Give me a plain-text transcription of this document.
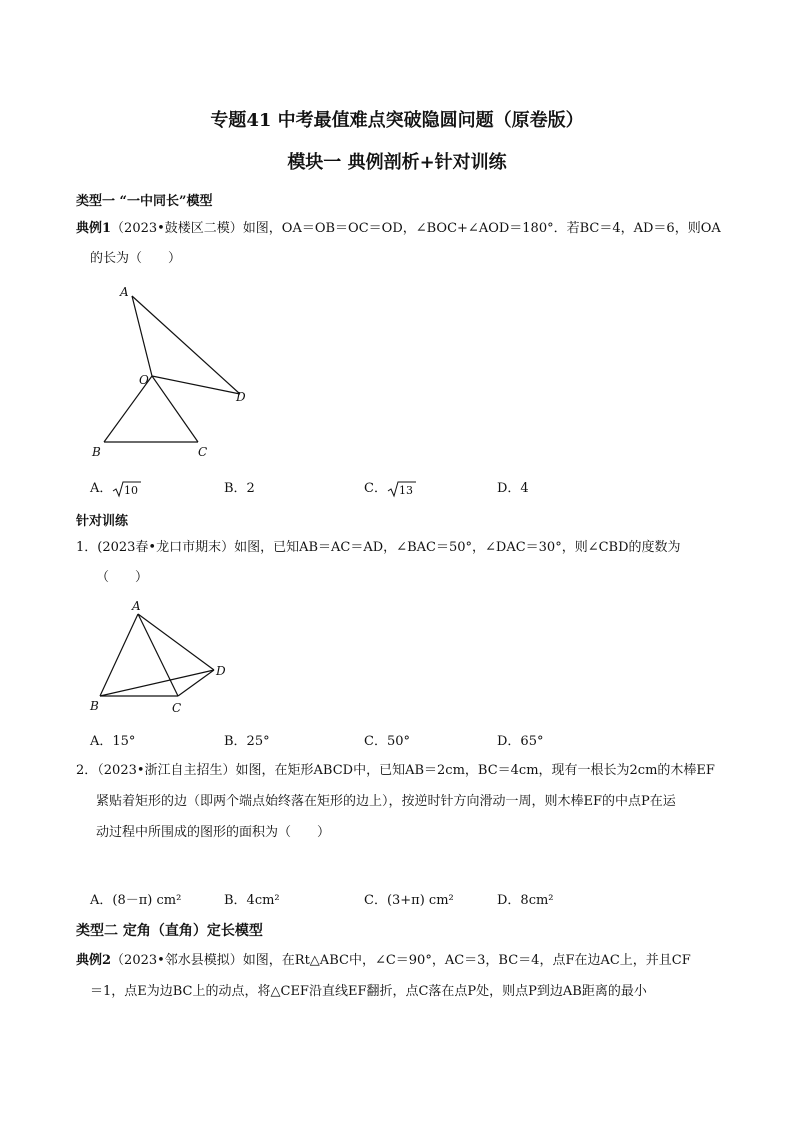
专题41 中考最值难点突破隐圆问题（原卷版）
模块一 典例剖析+针对训练
类型一 “一中同长”模型
典例1（2023•鼓楼区二模）如图，OA＝OB＝OC＝OD，∠BOC+∠AOD＝180°．若BC＝4，AD＝6，则OA
的长为（　　）
A
O
D
B	C
A． 10	B．2	C． 13	D．4
针对训练
1．(2023春•龙口市期末）如图，已知AB＝AC＝AD，∠BAC＝50°，∠DAC＝30°，则∠CBD的度数为
（　　）
A
D
B	C
A．15°	B．25°	C．50°	D．65°
2．（2023•浙江自主招生）如图，在矩形ABCD中，已知AB＝2cm，BC＝4cm，现有一根长为2cm的木棒EF
紧贴着矩形的边（即两个端点始终落在矩形的边上），按逆时针方向滑动一周，则木棒EF的中点P在运
动过程中所围成的图形的面积为（　　）
A．(8－π) cm²	B．4cm²	C．(3+π) cm²	D．8cm²
类型二 定角（直角）定长模型
典例2（2023•邻水县模拟）如图，在Rt△ABC中，∠C＝90°，AC＝3，BC＝4，点F在边AC上，并且CF
＝1，点E为边BC上的动点，将△CEF沿直线EF翻折，点C落在点P处，则点P到边AB距离的最小
